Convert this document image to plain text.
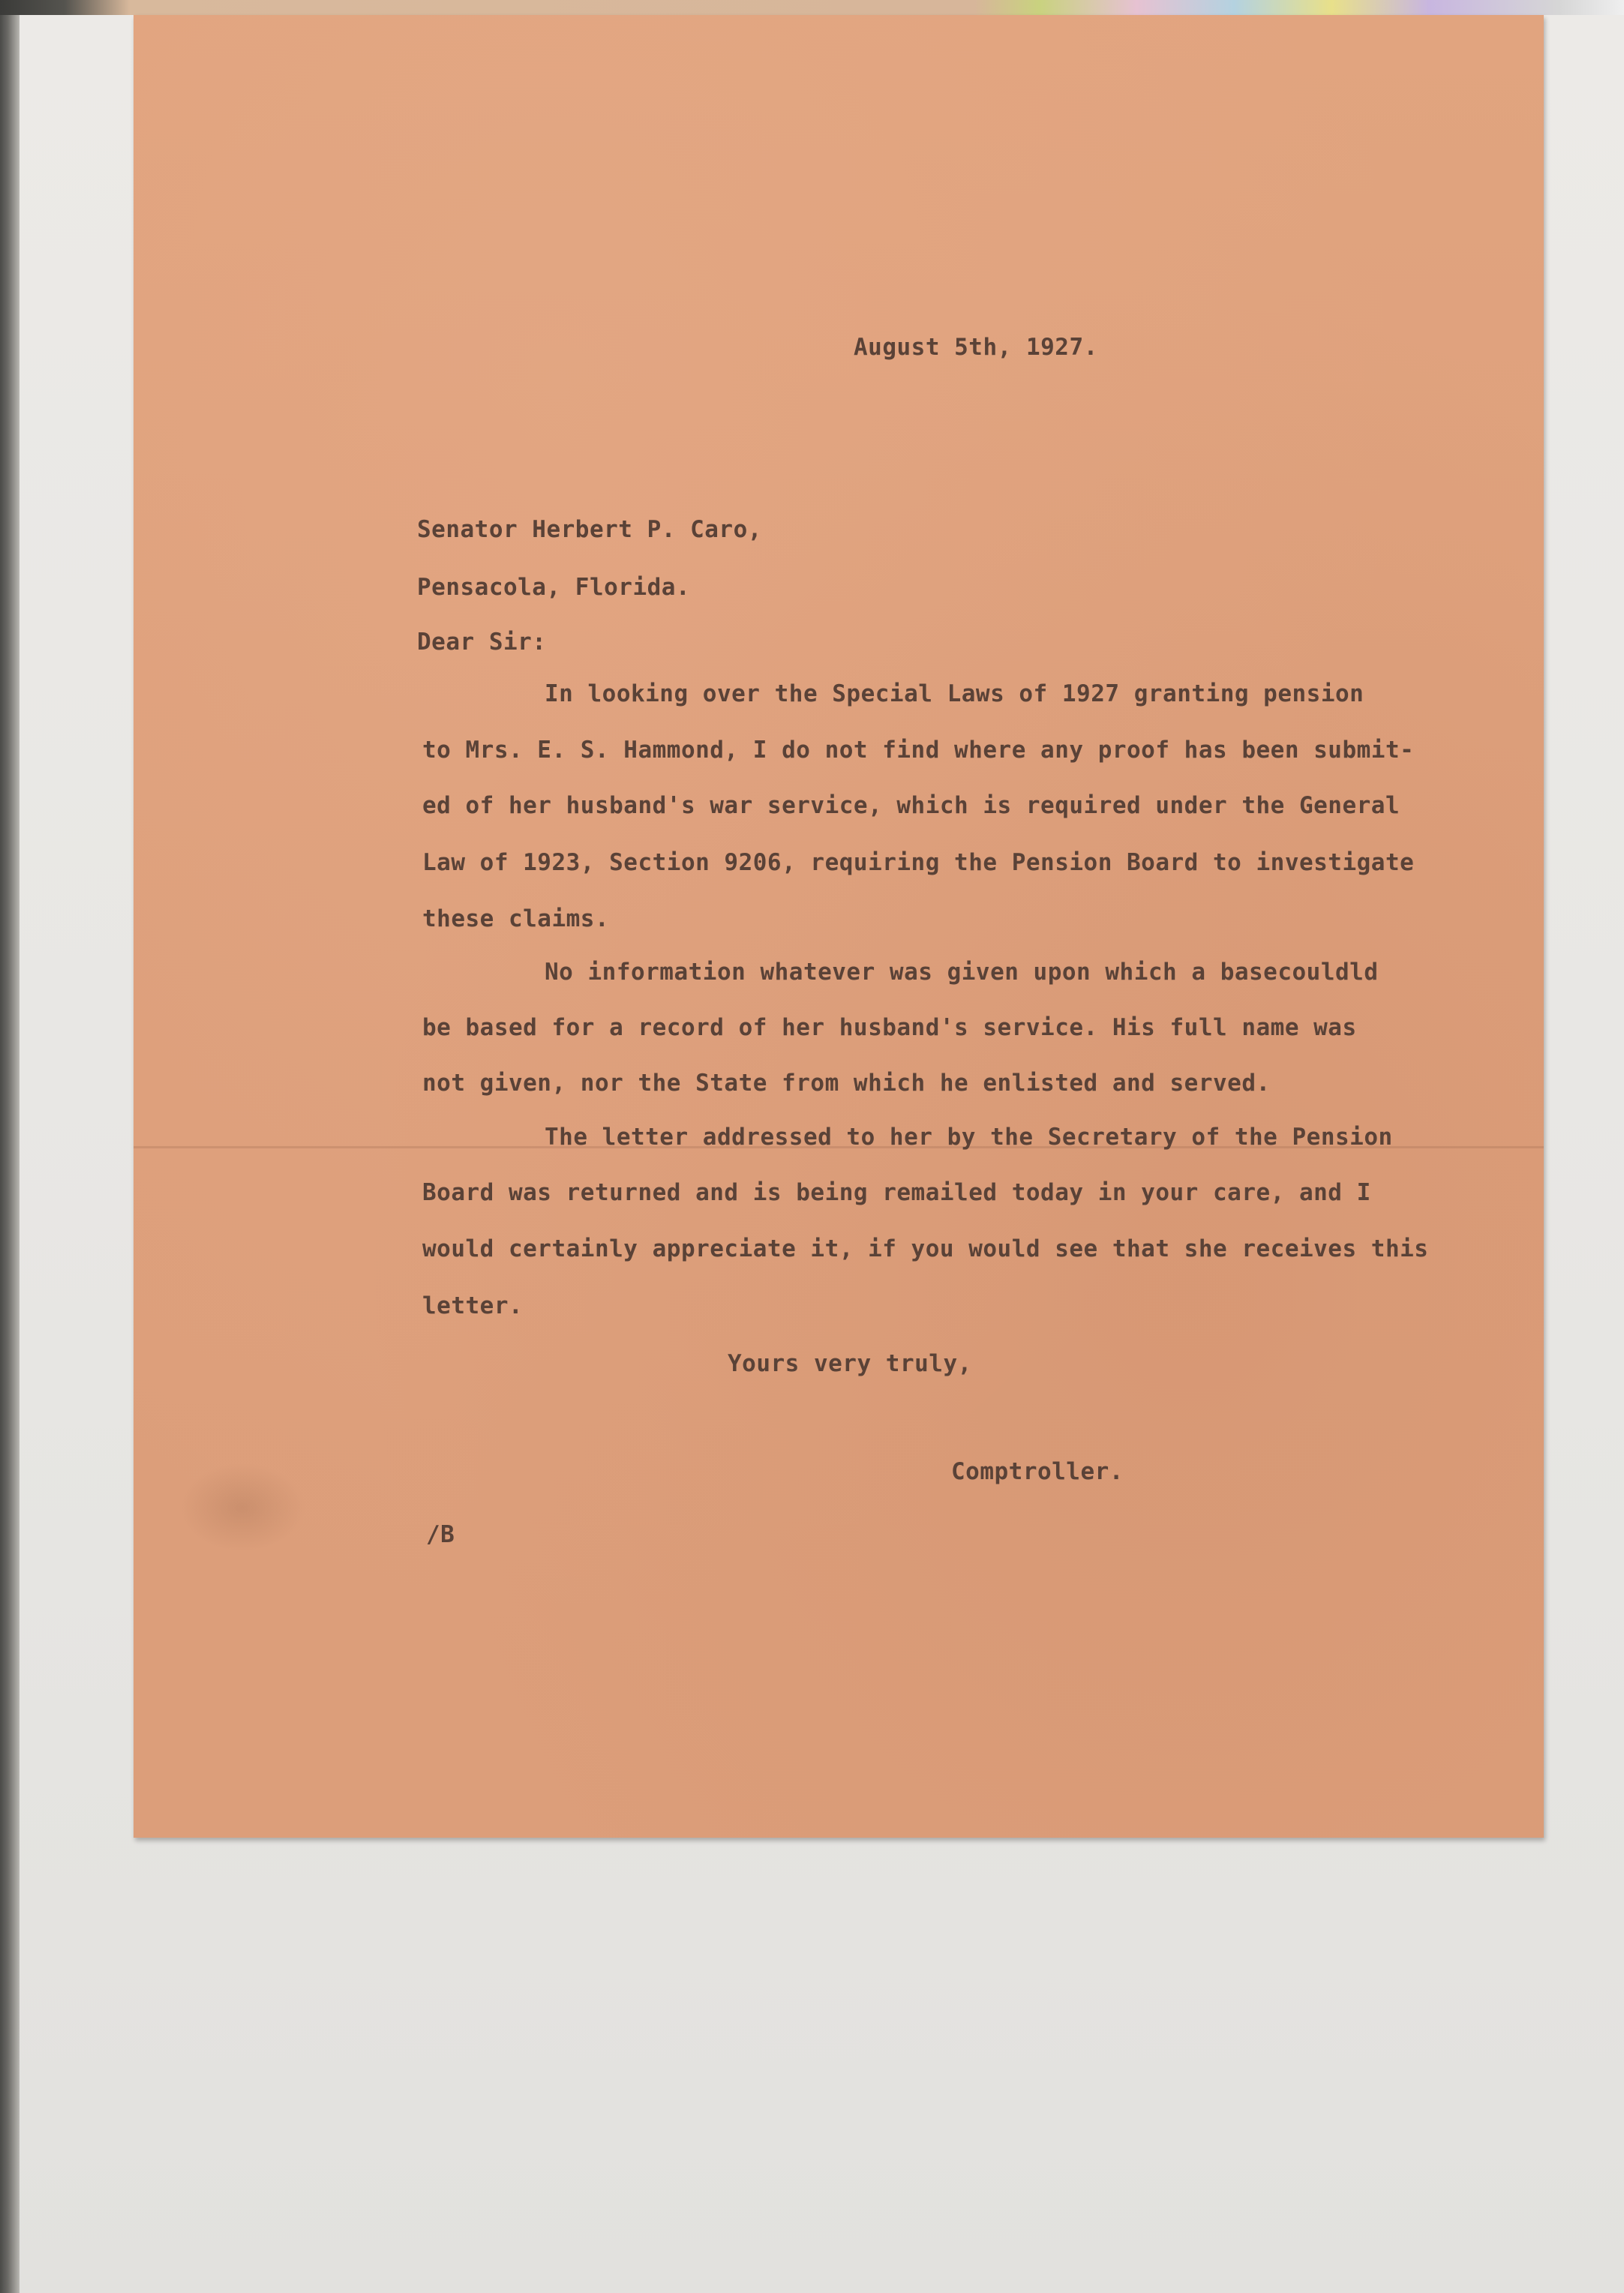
August 5th, 1927.
Senator Herbert P. Caro,
Pensacola, Florida.
Dear Sir:
In looking over the Special Laws of 1927 granting pension
to Mrs. E. S. Hammond, I do not find where any proof has been submit-
ed of her husband's war service, which is required under the General
Law of 1923, Section 9206, requiring the Pension Board to investigate
these claims.
No information whatever was given upon which a basecouldld
be based for a record of her husband's service. His full name was
not given, nor the State from which he enlisted and served.
The letter addressed to her by the Secretary of the Pension
Board was returned and is being remailed today in your care, and I
would certainly appreciate it, if you would see that she receives this
letter.
Yours very truly,
Comptroller.
/B
